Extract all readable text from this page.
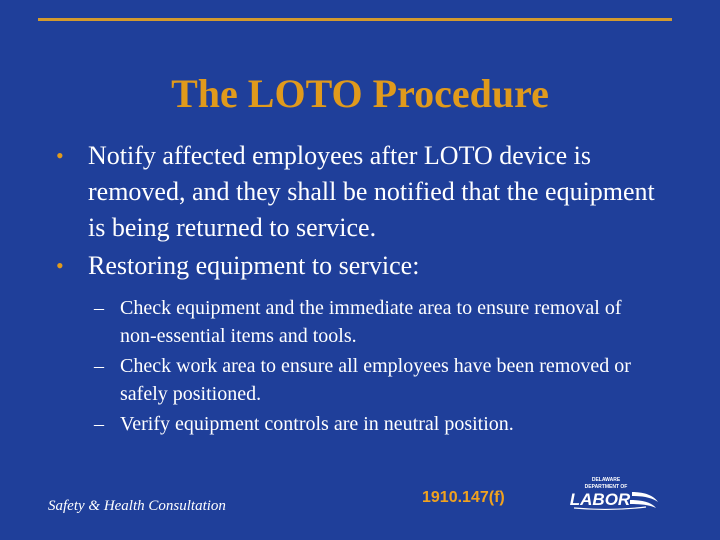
The LOTO Procedure
• Notify affected employees after LOTO device is removed, and they shall be notified that the equipment is being returned to service.
• Restoring equipment to service:
– Check equipment and the immediate area to ensure removal of non-essential items and tools.
– Check work area to ensure all employees have been removed or safely positioned.
– Verify equipment controls are in neutral position.
Safety & Health Consultation	1910.147(f)
DELAWARE
DEPARTMENT OF
LABOR
